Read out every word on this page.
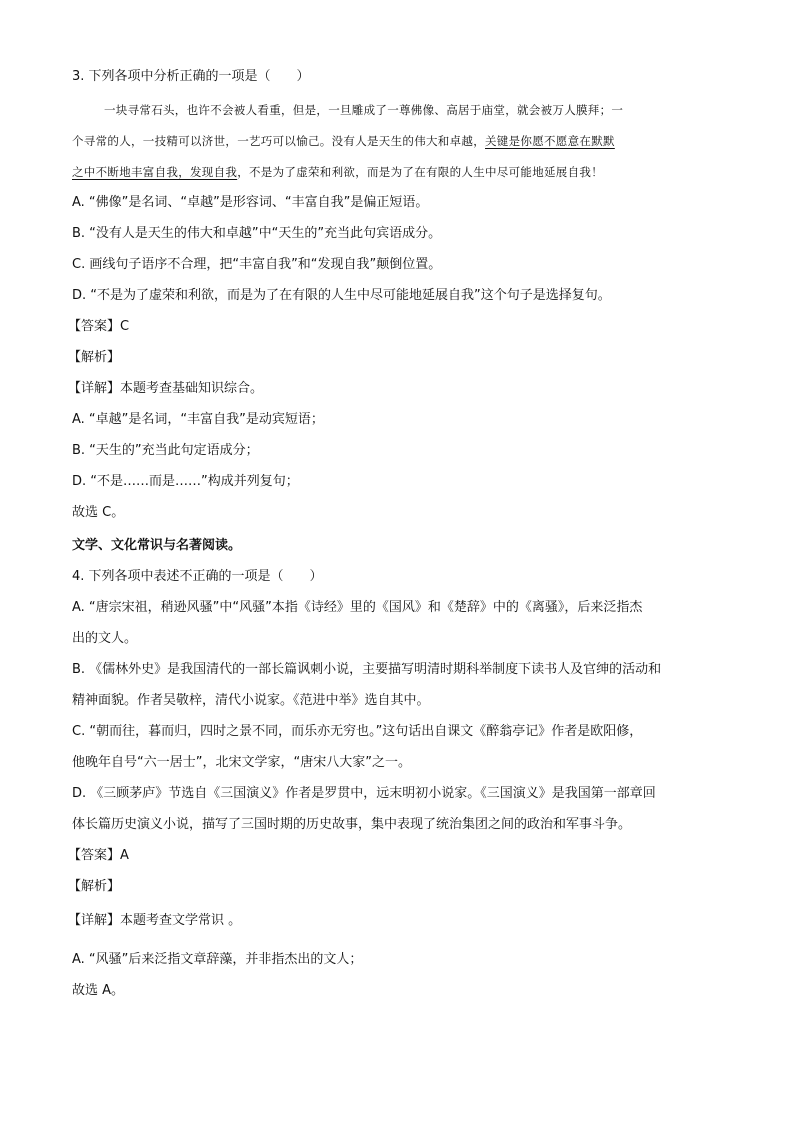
3. 下列各项中分析正确的一项是（　　）
一块寻常石头，也许不会被人看重，但是，一旦雕成了一尊佛像、高居于庙堂，就会被万人膜拜；一
个寻常的人，一技精可以济世，一艺巧可以愉己。没有人是天生的伟大和卓越，关键是你愿不愿意在默默
之中不断地丰富自我，发现自我，不是为了虚荣和利欲，而是为了在有限的人生中尽可能地延展自我！
A. “佛像”是名词、“卓越”是形容词、“丰富自我”是偏正短语。
B. “没有人是天生的伟大和卓越”中“天生的”充当此句宾语成分。
C. 画线句子语序不合理，把“丰富自我”和“发现自我”颠倒位置。
D. “不是为了虚荣和利欲，而是为了在有限的人生中尽可能地延展自我”这个句子是选择复句。
【答案】C
【解析】
【详解】本题考查基础知识综合。
A. “卓越”是名词，“丰富自我”是动宾短语；
B. “天生的”充当此句定语成分；
D. “不是……而是……”构成并列复句；
故选 C。
文学、文化常识与名著阅读。
4. 下列各项中表述不正确的一项是（　　）
A. “唐宗宋祖，稍逊风骚”中“风骚”本指《诗经》里的《国风》和《楚辞》中的《离骚》，后来泛指杰
出的文人。
B. 《儒林外史》是我国清代的一部长篇讽刺小说，主要描写明清时期科举制度下读书人及官绅的活动和
精神面貌。作者吴敬梓，清代小说家。《范进中举》选自其中。
C. “朝而往，暮而归，四时之景不同，而乐亦无穷也。”这句话出自课文《醉翁亭记》作者是欧阳修，
他晚年自号“六一居士”，北宋文学家，“唐宋八大家”之一。
D. 《三顾茅庐》节选自《三国演义》作者是罗贯中，远末明初小说家。《三国演义》是我国第一部章回
体长篇历史演义小说，描写了三国时期的历史故事，集中表现了统治集团之间的政治和军事斗争。
【答案】A
【解析】
【详解】本题考查文学常识 。
A. “风骚”后来泛指文章辞藻，并非指杰出的文人；
故选 A。
